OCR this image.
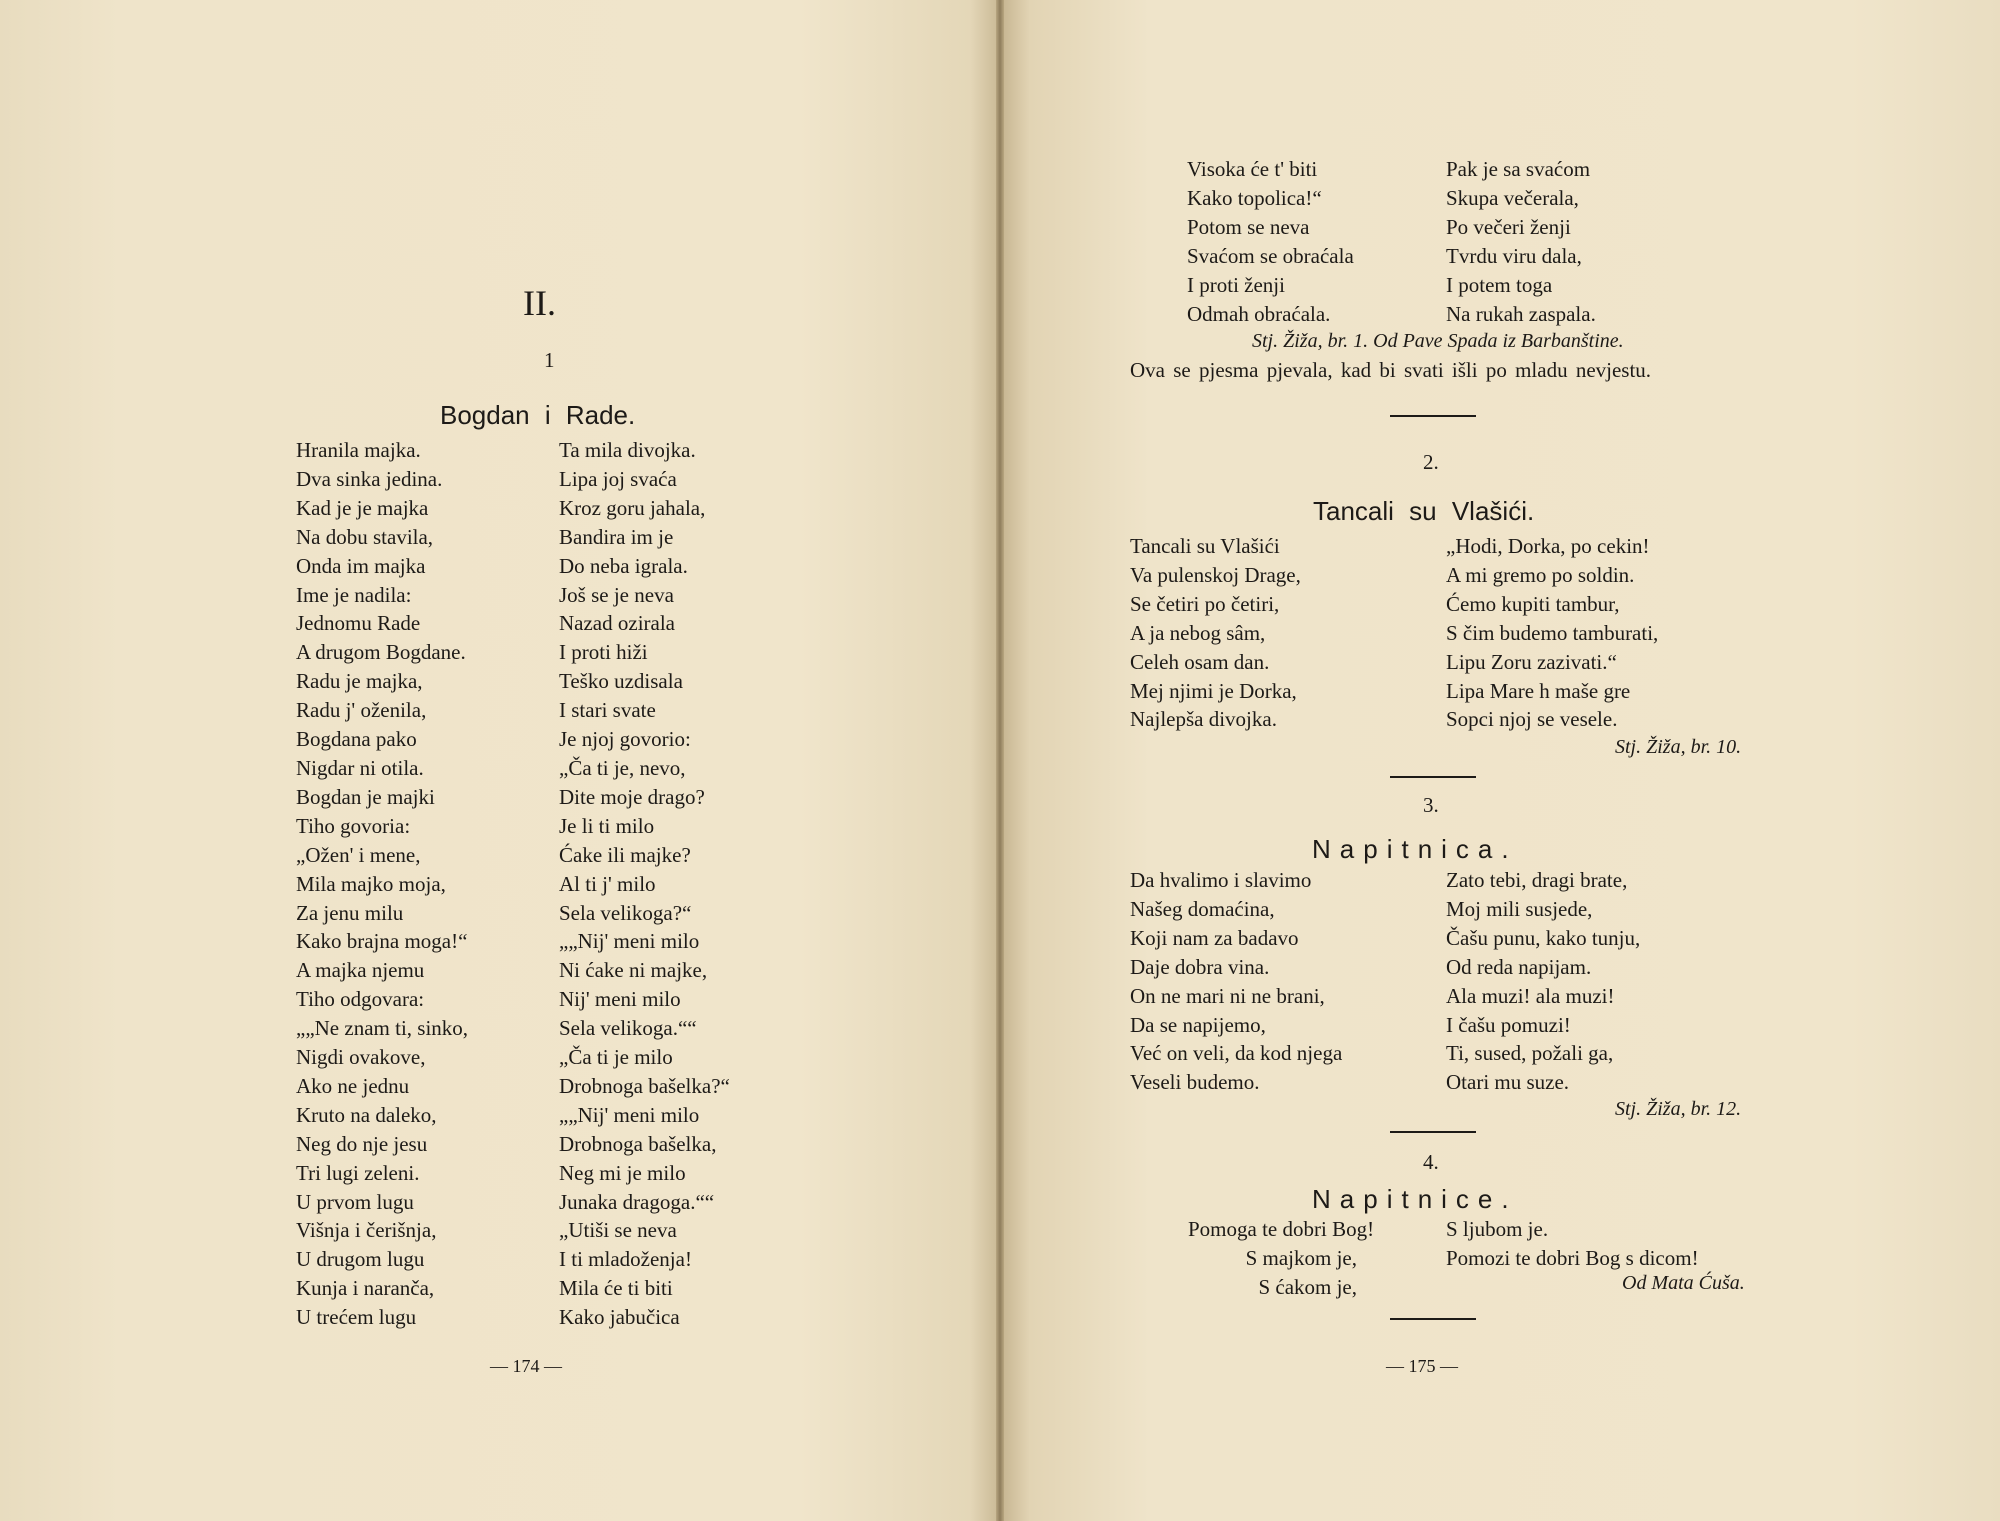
II.
1
Bogdan i Rade.
Hranila majka.
Dva sinka jedina.
Kad je je majka
Na dobu stavila,
Onda im majka
Ime je nadila:
Jednomu Rade
A drugom Bogdane.
Radu je majka,
Radu j' oženila,
Bogdana pako
Nigdar ni otila.
Bogdan je majki
Tiho govoria:
„Ožen' i mene,
Mila majko moja,
Za jenu milu
Kako brajna moga!“
A majka njemu
Tiho odgovara:
„„Ne znam ti, sinko,
Nigdi ovakove,
Ako ne jednu
Kruto na daleko,
Neg do nje jesu
Tri lugi zeleni.
U prvom lugu
Višnja i čerišnja,
U drugom lugu
Kunja i naranča,
U trećem lugu
Ta mila divojka.
Lipa joj svaća
Kroz goru jahala,
Bandira im je
Do neba igrala.
Još se je neva
Nazad ozirala
I proti hiži
Teško uzdisala
I stari svate
Je njoj govorio:
„Ča ti je, nevo,
Dite moje drago?
Je li ti milo
Ćake ili majke?
Al ti j' milo
Sela velikoga?“
„„Nij' meni milo
Ni ćake ni majke,
Nij' meni milo
Sela velikoga.““
„Ča ti je milo
Drobnoga bašelka?“
„„Nij' meni milo
Drobnoga bašelka,
Neg mi je milo
Junaka dragoga.““
„Utiši se neva
I ti mladoženja!
Mila će ti biti
Kako jabučica
— 174 —
Visoka će t' biti
Kako topolica!“
Potom se neva
Svaćom se obraćala
I proti ženji
Odmah obraćala.
Pak je sa svaćom
Skupa večerala,
Po večeri ženji
Tvrdu viru dala,
I potem toga
Na rukah zaspala.
Stj. Žiža, br. 1. Od Pave Spada iz Barbanštine.
Ova se pjesma pjevala, kad bi svati išli po mladu nevjestu.
2.
Tancali su Vlašići.
Tancali su Vlašići
Va pulenskoj Drage,
Se četiri po četiri,
A ja nebog sâm,
Celeh osam dan.
Mej njimi je Dorka,
Najlepša divojka.
„Hodi, Dorka, po cekin!
A mi gremo po soldin.
Ćemo kupiti tambur,
S čim budemo tamburati,
Lipu Zoru zazivati.“
Lipa Mare h maše gre
Sopci njoj se vesele.
Stj. Žiža, br. 10.
3.
Napitnica.
Da hvalimo i slavimo
Našeg domaćina,
Koji nam za badavo
Daje dobra vina.
On ne mari ni ne brani,
Da se napijemo,
Već on veli, da kod njega
Veseli budemo.
Zato tebi, dragi brate,
Moj mili susjede,
Čašu punu, kako tunju,
Od reda napijam.
Ala muzi! ala muzi!
I čašu pomuzi!
Ti, sused, požali ga,
Otari mu suze.
Stj. Žiža, br. 12.
4.
Napitnice.
Pomoga te dobri Bog!
S majkom je,
S ćakom je,
S ljubom je.
Pomozi te dobri Bog s dicom!
Od Mata Ćuša.
— 175 —
